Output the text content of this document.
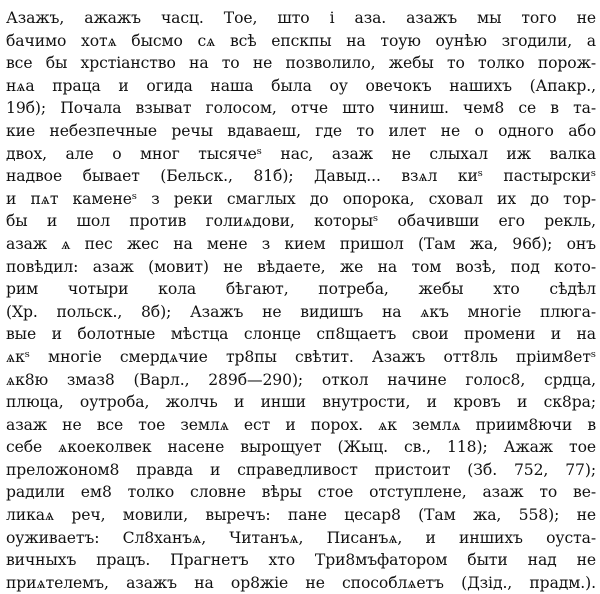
Азажъ, ажажъ часц. Тое, што і аза. азажъ мы того не
бачимо хотѧ бысмо сѧ всѣ епскпы на тоую оунѣю згодили, а
все бы хрстіанство на то не позволило, жебы то толко порож-
нѧа праца и огида наша была оу овечокъ нашихъ (Апакр.,
19б); Почала взыват голосом, отче што чиниш. чем8 се в та-
кие небезпечные речы вдаваеш, где то илет не о одного або
двох, але о мног тысячеˢ нас, азаж не слыхал иж валка
надвое бывает (Бельск., 81б); Давыд... взѧл киˢ пастырскиˢ
и пѧт каменеˢ з реки смаглых до опорока, сховал их до тор-
бы и шол против голиѧдови, которыˢ обачивши его рекль,
азаж ѧ пес жес на мене з кием пришол (Там жа, 96б); онъ
повѣдил: азаж (мовит) не вѣдаете, же на том возѣ, под кото-
рим чотыри кола бѣгают, потреба, жебы хто сѣдѣл
(Хр. польск., 8б); Азажъ не видишъ на ѧкъ многіе плюга-
вые и болотные мѣстца слонце сп8щаетъ свои промени и на
ѧкˢ многіе смердѧчие тр8пы свѣтит. Азажъ отт8ль пріим8етˢ
ѧк8ю змаз8 (Варл., 289б—290); откол начине голос8, срдца,
плюца, оутроба, жолчь и инши внутрости, и кровъ и ск8ра;
азаж не все тое землѧ ест и порох. ѧк землѧ приим8ючи в
себе ѧкоеколвек насене вырощует (Жыц. св., 118); Ажаж тое
преложоном8 правда и справедливост пристоит (Зб. 752, 77);
радили ем8 толко словне вѣры стое отступлене, азаж то ве-
ликаѧ реч, мовили, выречъ: пане цесар8 (Там жа, 558); не
оуживаетъ: Сл8ханъѧ, Читанъѧ, Писанъѧ, и иншихъ оуста-
вичныхъ працъ. Прагнетъ хто Три8мъфатором быти над не
приѧтелемъ, азажъ на ор8жіе не способлѧетъ (Дзід., прадм.).
